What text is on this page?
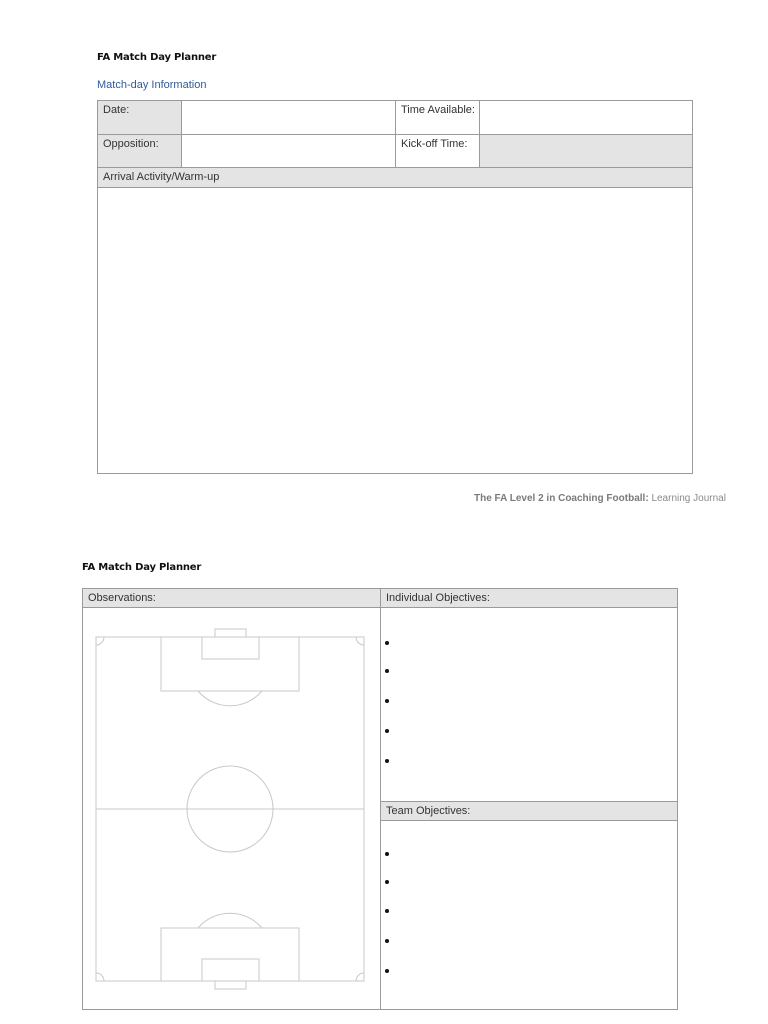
FA Match Day Planner
Match-day Information
Date:	Time Available:
Opposition:	Kick-off Time:
Arrival Activity/Warm-up
The FA Level 2 in Coaching Football: Learning Journal
FA Match Day Planner
Observations:	Individual Objectives:
Team Objectives:
